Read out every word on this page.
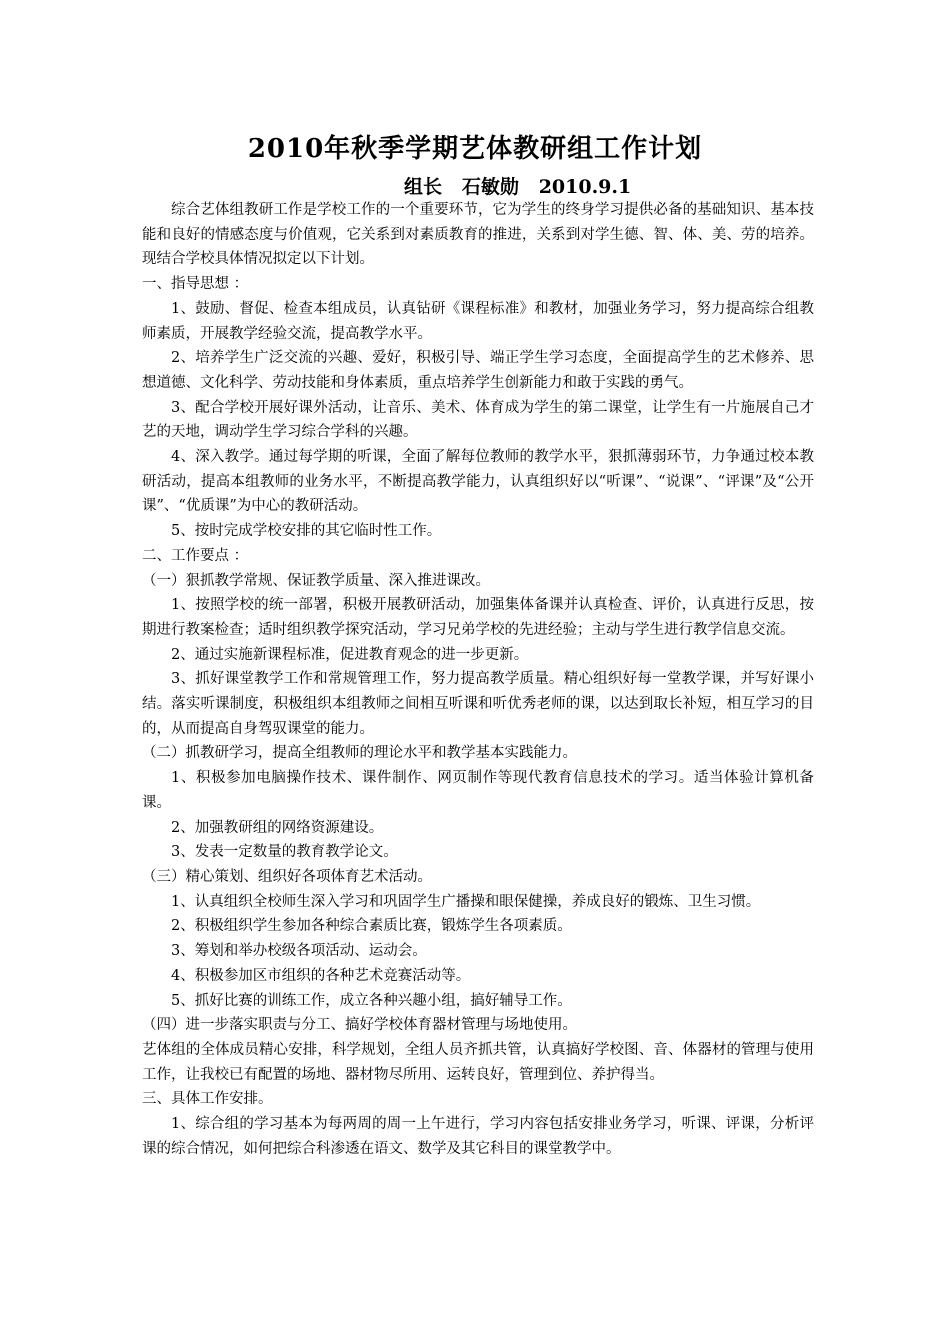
2010年秋季学期艺体教研组工作计划
组长   石敏勋   2010.9.1

综合艺体组教研工作是学校工作的一个重要环节，它为学生的终身学习提供必备的基础知识、基本技能和良好的情感态度与价值观，它关系到对素质教育的推进，关系到对学生德、智、体、美、劳的培养。现结合学校具体情况拟定以下计划。

一、指导思想 ：

1、鼓励、督促、检查本组成员，认真钻研《课程标准》和教材，加强业务学习，努力提高综合组教师素质，开展教学经验交流，提高教学水平。

2、培养学生广泛交流的兴趣、爱好，积极引导、端正学生学习态度，全面提高学生的艺术修养、思想道德、文化科学、劳动技能和身体素质，重点培养学生创新能力和敢于实践的勇气。

3、配合学校开展好课外活动，让音乐、美术、体育成为学生的第二课堂，让学生有一片施展自己才艺的天地，调动学生学习综合学科的兴趣。

4、深入教学。通过每学期的听课，全面了解每位教师的教学水平，狠抓薄弱环节，力争通过校本教研活动，提高本组教师的业务水平，不断提高教学能力，认真组织好以“听课”、“说课”、“评课”及“公开课”、“优质课”为中心的教研活动。

5、按时完成学校安排的其它临时性工作。

二、工作要点 ：

（一）狠抓教学常规、保证教学质量、深入推进课改。

1、按照学校的统一部署，积极开展教研活动，加强集体备课并认真检查、评价，认真进行反思，按期进行教案检查；适时组织教学探究活动，学习兄弟学校的先进经验；主动与学生进行教学信息交流。

2、通过实施新课程标准，促进教育观念的进一步更新。

3、抓好课堂教学工作和常规管理工作，努力提高教学质量。精心组织好每一堂教学课，并写好课小结。落实听课制度，积极组织本组教师之间相互听课和听优秀老师的课，以达到取长补短，相互学习的目的，从而提高自身驾驭课堂的能力。

（二）抓教研学习，提高全组教师的理论水平和教学基本实践能力。

1、积极参加电脑操作技术、课件制作、网页制作等现代教育信息技术的学习。适当体验计算机备课。

2、加强教研组的网络资源建设。

3、发表一定数量的教育教学论文。

（三）精心策划、组织好各项体育艺术活动。

1、认真组织全校师生深入学习和巩固学生广播操和眼保健操，养成良好的锻炼、卫生习惯。

2、积极组织学生参加各种综合素质比赛，锻炼学生各项素质。

3、筹划和举办校级各项活动、运动会。

4、积极参加区市组织的各种艺术竞赛活动等。

5、抓好比赛的训练工作，成立各种兴趣小组，搞好辅导工作。

（四）进一步落实职责与分工、搞好学校体育器材管理与场地使用。

艺体组的全体成员精心安排，科学规划，全组人员齐抓共管，认真搞好学校图、音、体器材的管理与使用工作，让我校已有配置的场地、器材物尽所用、运转良好，管理到位、养护得当。

三、具体工作安排。

1、综合组的学习基本为每两周的周一上午进行，学习内容包括安排业务学习，听课、评课，分析评课的综合情况，如何把综合科渗透在语文、数学及其它科目的课堂教学中。
